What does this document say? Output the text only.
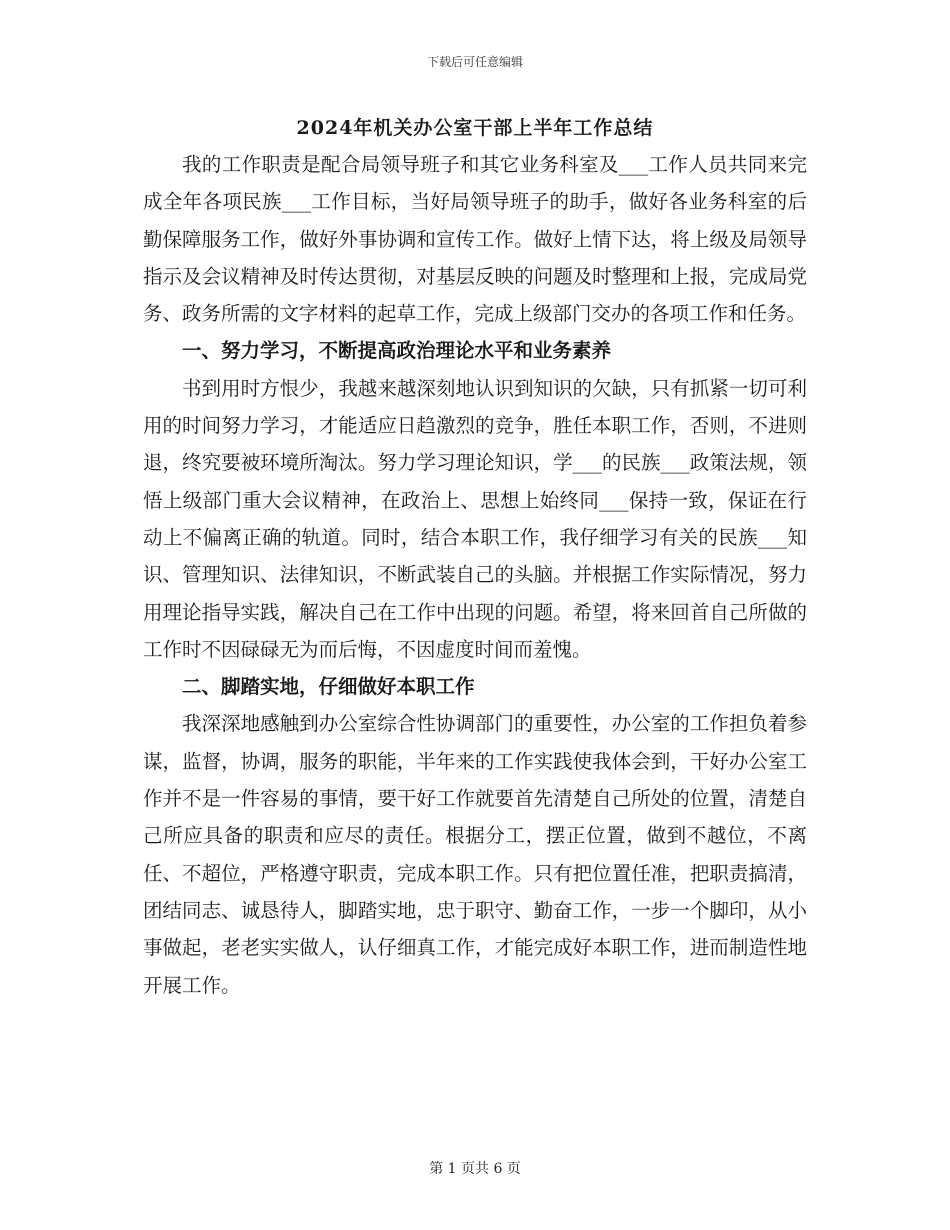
下载后可任意编辑
2024年机关办公室干部上半年工作总结

我的工作职责是配合局领导班子和其它业务科室及___工作人员共同来完成全年各项民族___工作目标，当好局领导班子的助手，做好各业务科室的后勤保障服务工作，做好外事协调和宣传工作。做好上情下达，将上级及局领导指示及会议精神及时传达贯彻，对基层反映的问题及时整理和上报，完成局党务、政务所需的文字材料的起草工作，完成上级部门交办的各项工作和任务。

一、努力学习，不断提高政治理论水平和业务素养

书到用时方恨少，我越来越深刻地认识到知识的欠缺，只有抓紧一切可利用的时间努力学习，才能适应日趋激烈的竞争，胜任本职工作，否则，不进则退，终究要被环境所淘汰。努力学习理论知识，学___的民族___政策法规，领悟上级部门重大会议精神，在政治上、思想上始终同___保持一致，保证在行动上不偏离正确的轨道。同时，结合本职工作，我仔细学习有关的民族___知识、管理知识、法律知识，不断武装自己的头脑。并根据工作实际情况，努力用理论指导实践，解决自己在工作中出现的问题。希望，将来回首自己所做的工作时不因碌碌无为而后悔，不因虚度时间而羞愧。

二、脚踏实地，仔细做好本职工作

我深深地感触到办公室综合性协调部门的重要性，办公室的工作担负着参谋，监督，协调，服务的职能，半年来的工作实践使我体会到，干好办公室工作并不是一件容易的事情，要干好工作就要首先清楚自己所处的位置，清楚自己所应具备的职责和应尽的责任。根据分工，摆正位置，做到不越位，不离任、不超位，严格遵守职责，完成本职工作。只有把位置任准，把职责搞清，团结同志、诚恳待人，脚踏实地，忠于职守、勤奋工作，一步一个脚印，从小事做起，老老实实做人，认仔细真工作，才能完成好本职工作，进而制造性地开展工作。

第 1 页共 6 页
